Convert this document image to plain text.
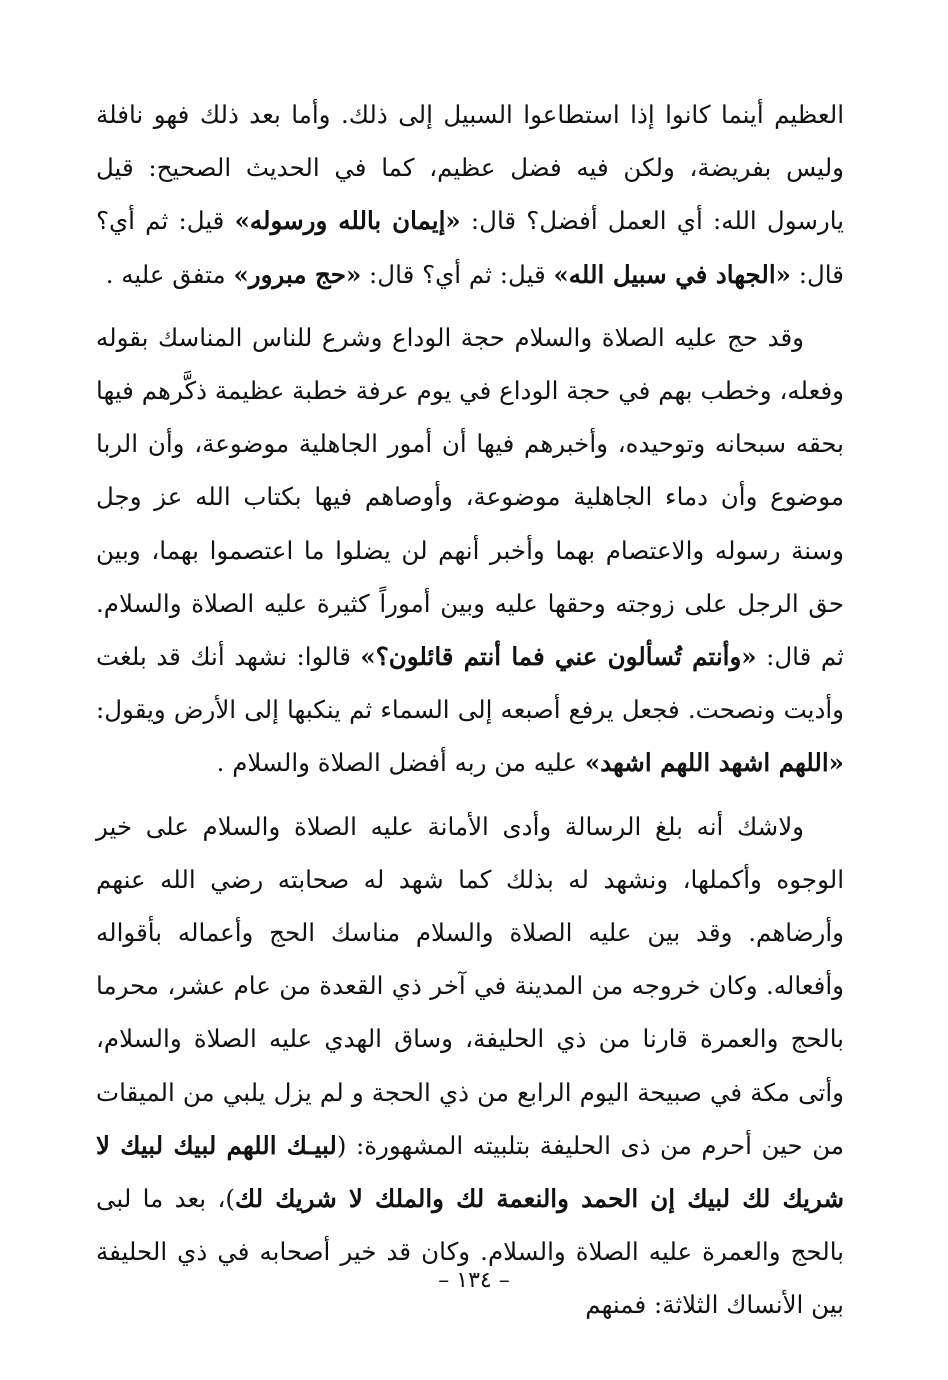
العظيم أينما كانوا إذا استطاعوا السبيل إلى ذلك. وأما بعد ذلك فهو نافلة وليس بفريضة، ولكن فيه فضل عظيم، كما في الحديث الصحيح: قيل يارسول الله: أي العمل أفضل؟ قال: «إيمان بالله ورسوله» قيل: ثم أي؟ قال: «الجهاد في سبيل الله» قيل: ثم أي؟ قال: «حج مبرور» متفق عليه .

وقد حج عليه الصلاة والسلام حجة الوداع وشرع للناس المناسك بقوله وفعله، وخطب بهم في حجة الوداع في يوم عرفة خطبة عظيمة ذكَّرهم فيها بحقه سبحانه وتوحيده، وأخبرهم فيها أن أمور الجاهلية موضوعة، وأن الربا موضوع وأن دماء الجاهلية موضوعة، وأوصاهم فيها بكتاب الله عز وجل وسنة رسوله والاعتصام بهما وأخبر أنهم لن يضلوا ما اعتصموا بهما، وبين حق الرجل على زوجته وحقها عليه وبين أموراً كثيرة عليه الصلاة والسلام. ثم قال: «وأنتم تُسألون عني فما أنتم قائلون؟» قالوا: نشهد أنك قد بلغت وأديت ونصحت. فجعل يرفع أصبعه إلى السماء ثم ينكبها إلى الأرض ويقول: «اللهم اشهد اللهم اشهد» عليه من ربه أفضل الصلاة والسلام .

ولاشك أنه بلغ الرسالة وأدى الأمانة عليه الصلاة والسلام على خير الوجوه وأكملها، ونشهد له بذلك كما شهد له صحابته رضي الله عنهم وأرضاهم. وقد بين عليه الصلاة والسلام مناسك الحج وأعماله بأقواله وأفعاله. وكان خروجه من المدينة في آخر ذي القعدة من عام عشر، محرما بالحج والعمرة قارنا من ذي الحليفة، وساق الهدي عليه الصلاة والسلام، وأتى مكة في صبيحة اليوم الرابع من ذي الحجة و لم يزل يلبي من الميقات من حين أحرم من ذى الحليفة بتلبيته المشهورة: (لبيـك اللهم لبيك لبيك لا شريك لك لبيك إن الحمد والنعمة لك والملك لا شريك لك)، بعد ما لبى بالحج والعمرة عليه الصلاة والسلام. وكان قد خير أصحابه في ذي الحليفة بين الأنساك الثلاثة: فمنهم

– ١٣٤ –
